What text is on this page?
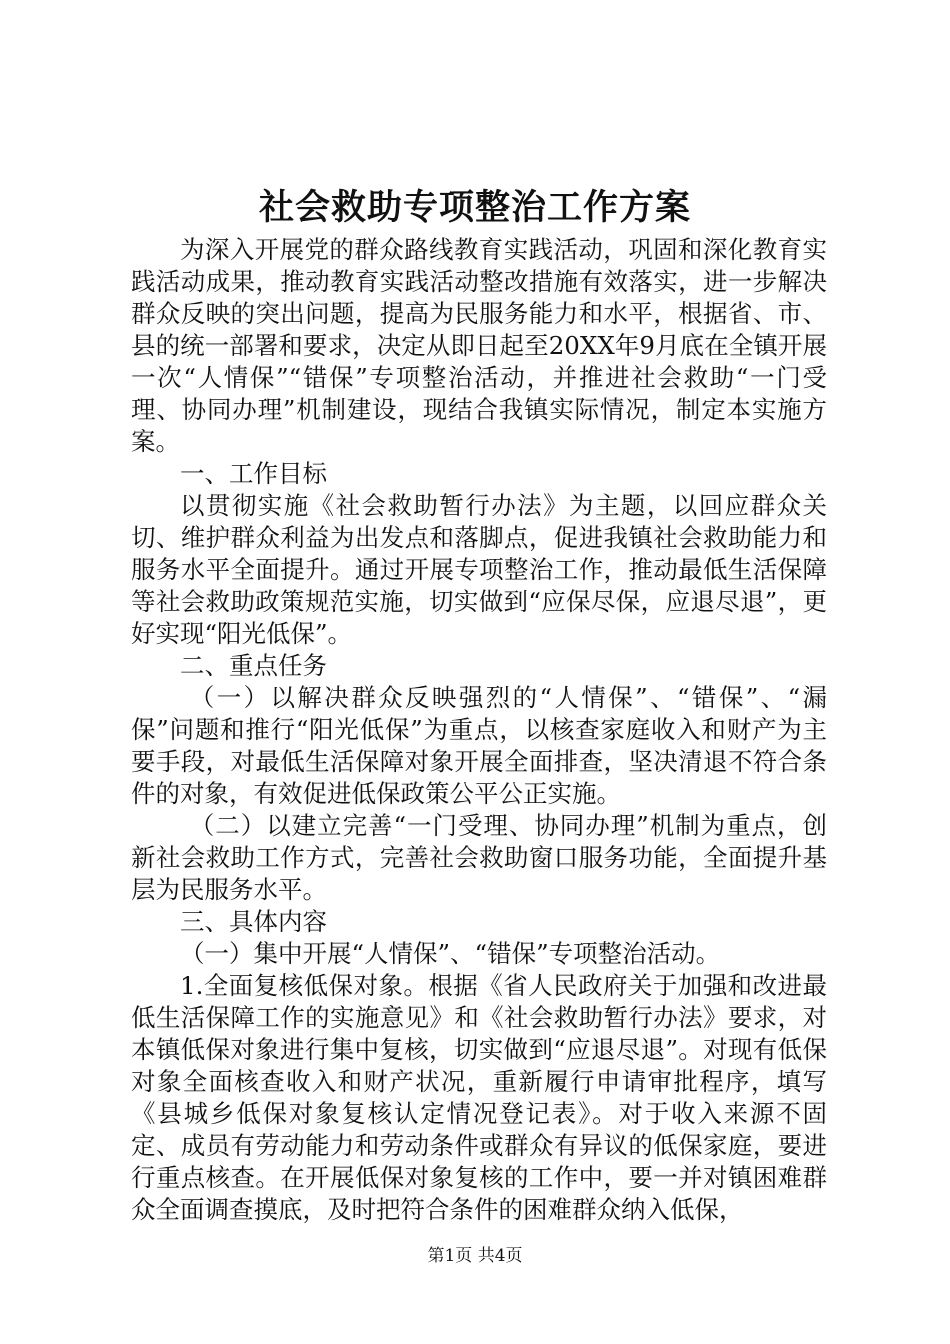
社会救助专项整治工作方案

为深入开展党的群众路线教育实践活动，巩固和深化教育实践活动成果，推动教育实践活动整改措施有效落实，进一步解决群众反映的突出问题，提高为民服务能力和水平，根据省、市、县的统一部署和要求，决定从即日起至20XX年9月底在全镇开展一次“人情保”“错保”专项整治活动，并推进社会救助“一门受理、协同办理”机制建设，现结合我镇实际情况，制定本实施方案。

一、工作目标

以贯彻实施《社会救助暂行办法》为主题，以回应群众关切、维护群众利益为出发点和落脚点，促进我镇社会救助能力和服务水平全面提升。通过开展专项整治工作，推动最低生活保障等社会救助政策规范实施，切实做到“应保尽保，应退尽退”，更好实现“阳光低保”。

二、重点任务

（一）以解决群众反映强烈的“人情保”、“错保”、“漏保”问题和推行“阳光低保”为重点，以核查家庭收入和财产为主要手段，对最低生活保障对象开展全面排查，坚决清退不符合条件的对象，有效促进低保政策公平公正实施。

（二）以建立完善“一门受理、协同办理”机制为重点，创新社会救助工作方式，完善社会救助窗口服务功能，全面提升基层为民服务水平。

三、具体内容

（一）集中开展“人情保”、“错保”专项整治活动。

1.全面复核低保对象。根据《省人民政府关于加强和改进最低生活保障工作的实施意见》和《社会救助暂行办法》要求，对本镇低保对象进行集中复核，切实做到“应退尽退”。对现有低保对象全面核查收入和财产状况，重新履行申请审批程序，填写《县城乡低保对象复核认定情况登记表》。对于收入来源不固定、成员有劳动能力和劳动条件或群众有异议的低保家庭，要进行重点核查。在开展低保对象复核的工作中，要一并对镇困难群众全面调查摸底，及时把符合条件的困难群众纳入低保，

第1页 共4页
